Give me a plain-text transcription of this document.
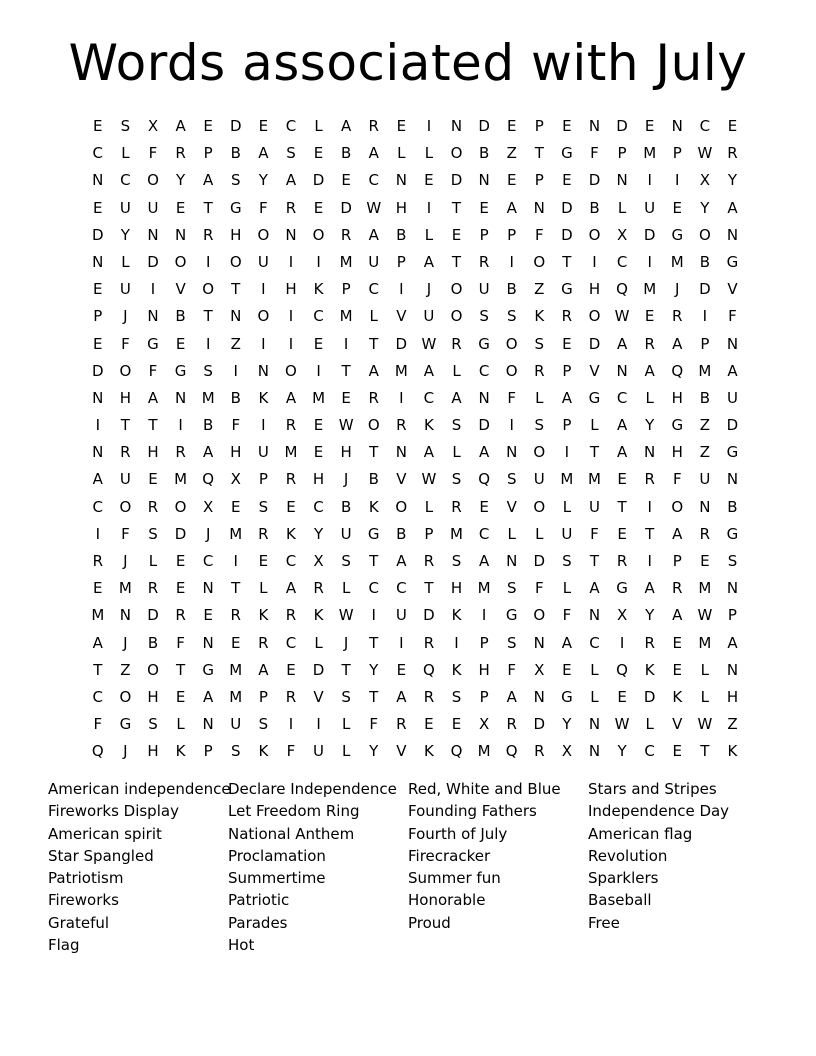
Words associated with July
E	S	X	A	E	D	E	C	L	A	R	E	I	N	D	E	P	E	N	D	E	N	C	E
C	L	F	R	P	B	A	S	E	B	A	L	L	O	B	Z	T	G	F	P	M	P	W R
N	C	O	Y	A	S	Y	A	D	E	C	N	E	D	N	E	P	E	D	N	I	I	X	Y
E	U	U	E	T	G	F	R	E	D W H	I	T	E	A	N	D	B	L	U	E	Y	A
D	Y	N	N	R	H	O	N	O	R	A	B	L	E	P	P	F	D	O	X	D	G	O	N
N	L	D	O	I	O	U	I	I	M	U	P	A	T	R	I	O	T	I	C	I	M	B	G
E	U	I	V	O	T	I	H	K	P	C	I	J	O	U	B	Z	G	H	Q	M	J	D	V
P	J	N	B	T	N	O	I	C	M	L	V	U	O	S	S	K	R	O W	E	R	I	F
E	F	G	E	I	Z	I	I	E	I	T	D W R	G	O	S	E	D	A	R	A	P	N
D	O	F	G	S	I	N	O	I	T	A	M	A	L	C	O	R	P	V	N	A	Q	M	A
N	H	A	N	M	B	K	A	M	E	R	I	C	A	N	F	L	A	G	C	L	H	B	U
I	T	T	I	B	F	I	R	E	W O	R	K	S	D	I	S	P	L	A	Y	G	Z	D
N	R	H	R	A	H	U	M	E	H	T	N	A	L	A	N	O	I	T	A	N	H	Z	G
A	U	E	M	Q	X	P	R	H	J	B	V	W	S	Q	S	U	M M	E	R	F	U	N
C	O	R	O	X	E	S	E	C	B	K	O	L	R	E	V	O	L	U	T	I	O	N	B
I	F	S	D	J	M	R	K	Y	U	G	B	P	M	C	L	L	U	F	E	T	A	R	G
R	J	L	E	C	I	E	C	X	S	T	A	R	S	A	N	D	S	T	R	I	P	E	S
E	M	R	E	N	T	L	A	R	L	C	C	T	H	M	S	F	L	A	G	A	R	M	N
M	N	D	R	E	R	K	R	K	W	I	U	D	K	I	G	O	F	N	X	Y	A	W	P
A	J	B	F	N	E	R	C	L	J	T	I	R	I	P	S	N	A	C	I	R	E	M	A
T	Z	O	T	G	M	A	E	D	T	Y	E	Q	K	H	F	X	E	L	Q	K	E	L	N
C	O	H	E	A	M	P	R	V	S	T	A	R	S	P	A	N	G	L	E	D	K	L	H
F	G	S	L	N	U	S	I	I	L	F	R	E	E	X	R	D	Y	N W	L	V	W	Z
Q	J	H	K	P	S	K	F	U	L	Y	V	K	Q	M	Q	R	X	N	Y	C	E	T	K
American independence
Fireworks Display
American spirit
Star Spangled
Patriotism
Fireworks
Grateful
Flag
Declare Independence
Let Freedom Ring
National Anthem
Proclamation
Summertime
Patriotic
Parades
Hot
Red, White and Blue
Founding Fathers
Fourth of July
Firecracker
Summer fun
Honorable
Proud
Stars and Stripes
Independence Day
American flag
Revolution
Sparklers
Baseball
Free
